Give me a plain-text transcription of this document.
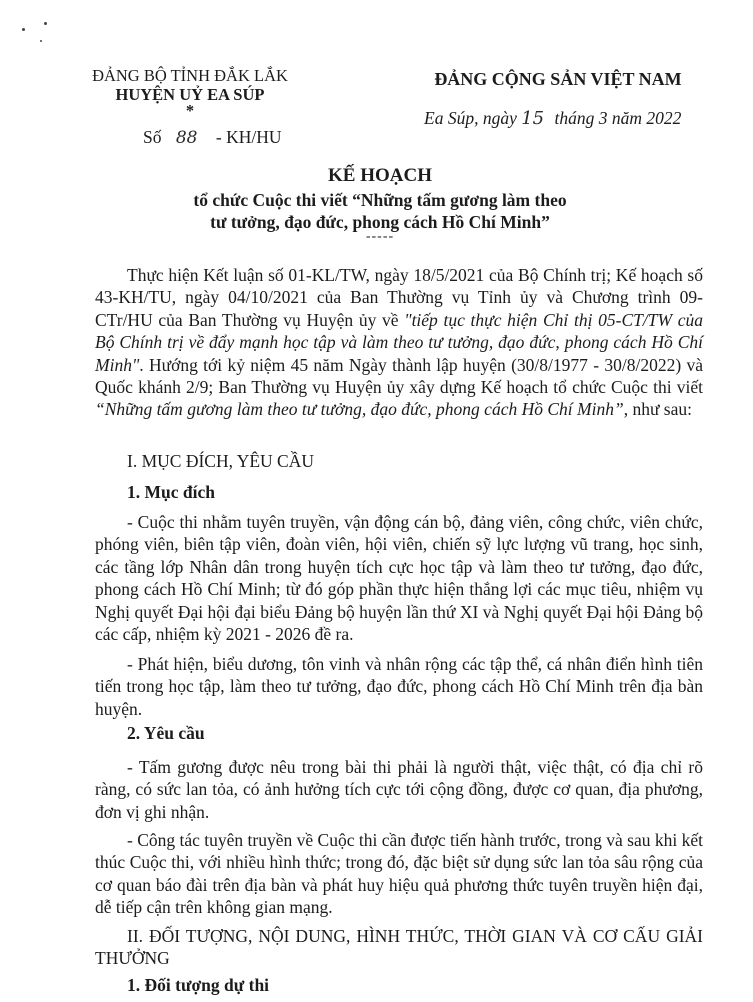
ĐẢNG BỘ TỈNH ĐẮK LẮK
HUYỆN UỶ EA SÚP
*
Số 88 - KH/HU
ĐẢNG CỘNG SẢN VIỆT NAM
Ea Súp, ngày 15 tháng 3 năm 2022
KẾ HOẠCH
tổ chức Cuộc thi viết “Những tấm gương làm theo
tư tưởng, đạo đức, phong cách Hồ Chí Minh”
-----
Thực hiện Kết luận số 01-KL/TW, ngày 18/5/2021 của Bộ Chính trị; Kế hoạch số 43-KH/TU, ngày 04/10/2021 của Ban Thường vụ Tỉnh ủy và Chương trình 09-CTr/HU của Ban Thường vụ Huyện ủy về "tiếp tục thực hiện Chỉ thị 05-CT/TW của Bộ Chính trị về đẩy mạnh học tập và làm theo tư tưởng, đạo đức, phong cách Hồ Chí Minh". Hướng tới kỷ niệm 45 năm Ngày thành lập huyện (30/8/1977 - 30/8/2022) và Quốc khánh 2/9; Ban Thường vụ Huyện ủy xây dựng Kế hoạch tổ chức Cuộc thi viết “Những tấm gương làm theo tư tưởng, đạo đức, phong cách Hồ Chí Minh”, như sau:
I. MỤC ĐÍCH, YÊU CẦU
1. Mục đích
- Cuộc thi nhằm tuyên truyền, vận động cán bộ, đảng viên, công chức, viên chức, phóng viên, biên tập viên, đoàn viên, hội viên, chiến sỹ lực lượng vũ trang, học sinh, các tầng lớp Nhân dân trong huyện tích cực học tập và làm theo tư tưởng, đạo đức, phong cách Hồ Chí Minh; từ đó góp phần thực hiện thắng lợi các mục tiêu, nhiệm vụ Nghị quyết Đại hội đại biểu Đảng bộ huyện lần thứ XI và Nghị quyết Đại hội Đảng bộ các cấp, nhiệm kỳ 2021 - 2026 đề ra.
- Phát hiện, biểu dương, tôn vinh và nhân rộng các tập thể, cá nhân điển hình tiên tiến trong học tập, làm theo tư tưởng, đạo đức, phong cách Hồ Chí Minh trên địa bàn huyện.
2. Yêu cầu
- Tấm gương được nêu trong bài thi phải là người thật, việc thật, có địa chỉ rõ ràng, có sức lan tỏa, có ảnh hưởng tích cực tới cộng đồng, được cơ quan, địa phương, đơn vị ghi nhận.
- Công tác tuyên truyền về Cuộc thi cần được tiến hành trước, trong và sau khi kết thúc Cuộc thi, với nhiều hình thức; trong đó, đặc biệt sử dụng sức lan tỏa sâu rộng của cơ quan báo đài trên địa bàn và phát huy hiệu quả phương thức tuyên truyền hiện đại, dễ tiếp cận trên không gian mạng.
II. ĐỐI TƯỢNG, NỘI DUNG, HÌNH THỨC, THỜI GIAN VÀ CƠ CẤU GIẢI THƯỞNG
1. Đối tượng dự thi
